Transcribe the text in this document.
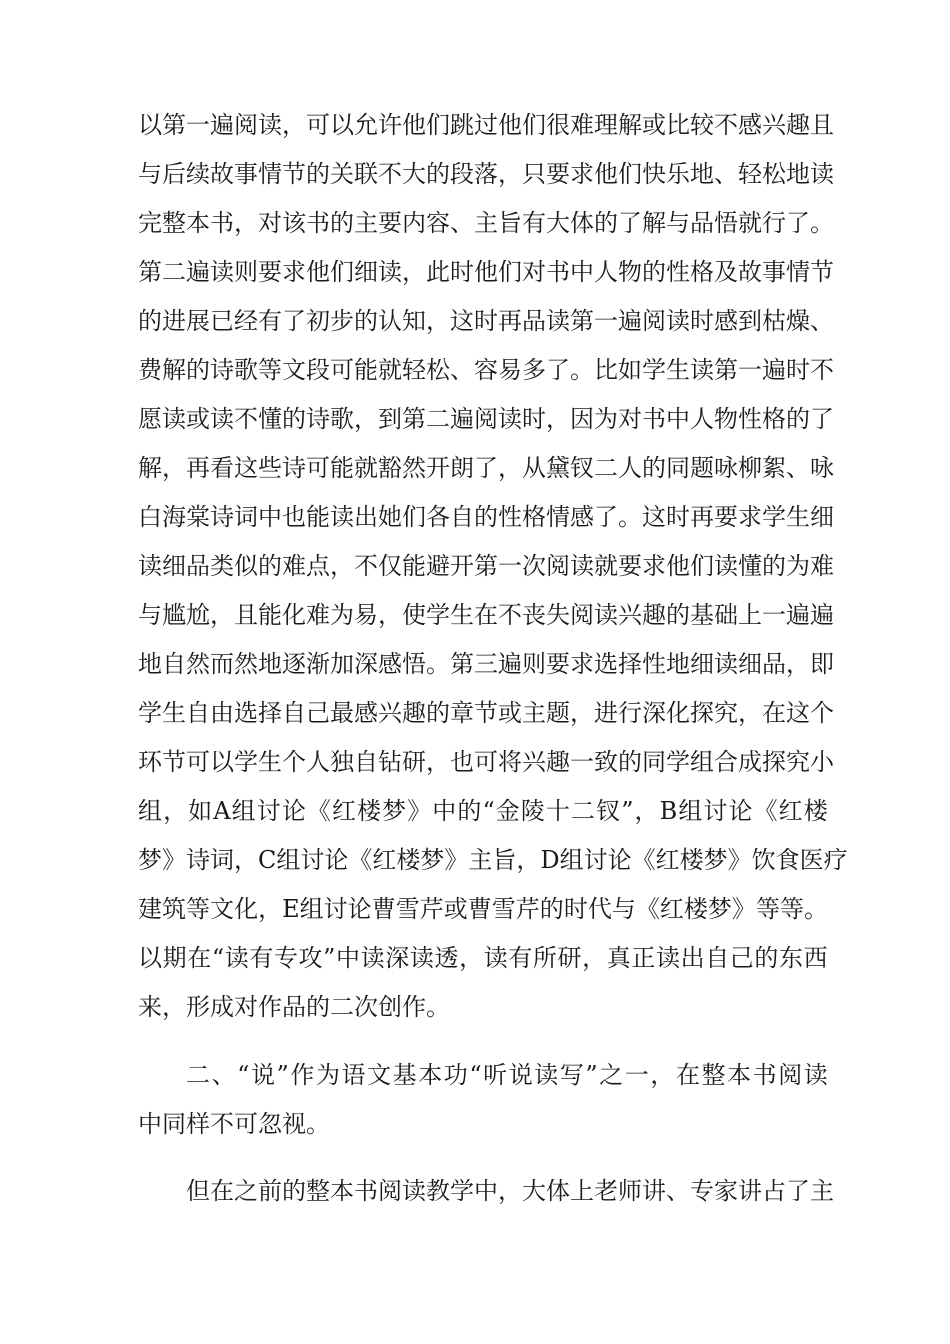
以 第 一 遍 阅 读 ， 可 以 允 许 他 们 跳 过 他 们 很 难 理 解 或 比 较 不 感 兴 趣 且
与 后 续 故 事 情 节 的 关 联 不 大 的 段 落 ， 只 要 求 他 们 快 乐 地 、 轻 松 地 读
完 整 本 书 ， 对 该 书 的 主 要 内 容 、 主 旨 有 大 体 的 了 解 与 品 悟 就 行 了 。
第 二 遍 读 则 要 求 他 们 细 读 ， 此 时 他 们 对 书 中 人 物 的 性 格 及 故 事 情 节
的 进 展 已 经 有 了 初 步 的 认 知 ， 这 时 再 品 读 第 一 遍 阅 读 时 感 到 枯 燥 、
费 解 的 诗 歌 等 文 段 可 能 就 轻 松 、 容 易 多 了 。 比 如 学 生 读 第 一 遍 时 不
愿 读 或 读 不 懂 的 诗 歌 ， 到 第 二 遍 阅 读 时 ， 因 为 对 书 中 人 物 性 格 的 了
解 ， 再 看 这 些 诗 可 能 就 豁 然 开 朗 了 ， 从 黛 钗 二 人 的 同 题 咏 柳 絮 、 咏
白 海 棠 诗 词 中 也 能 读 出 她 们 各 自 的 性 格 情 感 了 。 这 时 再 要 求 学 生 细
读 细 品 类 似 的 难 点 ， 不 仅 能 避 开 第 一 次 阅 读 就 要 求 他 们 读 懂 的 为 难
与 尴 尬 ， 且 能 化 难 为 易 ， 使 学 生 在 不 丧 失 阅 读 兴 趣 的 基 础 上 一 遍 遍
地 自 然 而 然 地 逐 渐 加 深 感 悟 。 第 三 遍 则 要 求 选 择 性 地 细 读 细 品 ， 即
学 生 自 由 选 择 自 己 最 感 兴 趣 的 章 节 或 主 题 ， 进 行 深 化 探 究 ， 在 这 个
环 节 可 以 学 生 个 人 独 自 钻 研 ， 也 可 将 兴 趣 一 致 的 同 学 组 合 成 探 究 小
组 ， 如 A 组 讨 论 《 红 楼 梦 》 中 的 “ 金 陵 十 二 钗 ” ， B 组 讨 论 《 红 楼
梦 》 诗 词 ， C 组 讨 论 《 红 楼 梦 》 主 旨 ， D 组 讨 论 《 红 楼 梦 》 饮 食 医 疗
建 筑 等 文 化 ， E 组 讨 论 曹 雪 芹 或 曹 雪 芹 的 时 代 与 《 红 楼 梦 》 等 等 。
以 期 在 “ 读 有 专 攻 ” 中 读 深 读 透 ， 读 有 所 研 ， 真 正 读 出 自 己 的 东 西
来，形成对作品的二次创作。
二 、 “ 说 ” 作 为 语 文 基 本 功 “ 听 说 读 写 ” 之 一 ， 在 整 本 书 阅 读
中同样不可忽视。
但 在 之 前 的 整 本 书 阅 读 教 学 中 ， 大 体 上 老 师 讲 、 专 家 讲 占 了 主
